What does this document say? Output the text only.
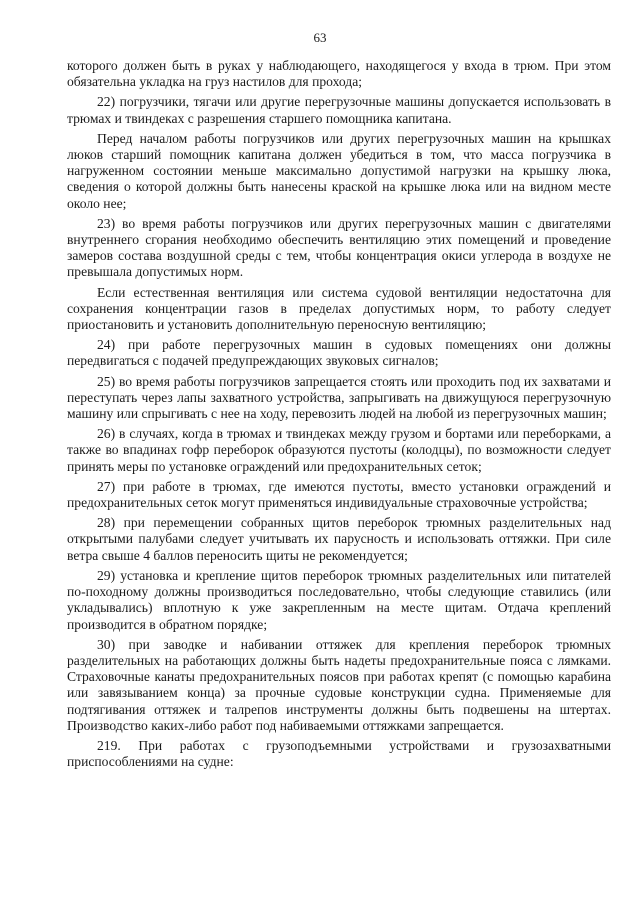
63

которого должен быть в руках у наблюдающего, находящегося у входа в трюм. При этом обязательна укладка на груз настилов для прохода;

22) погрузчики, тягачи или другие перегрузочные машины допускается использовать в трюмах и твиндеках с разрешения старшего помощника капитана.

Перед началом работы погрузчиков или других перегрузочных машин на крышках люков старший помощник капитана должен убедиться в том, что масса погрузчика в нагруженном состоянии меньше максимально допустимой нагрузки на крышку люка, сведения о которой должны быть нанесены краской на крышке люка или на видном месте около нее;

23) во время работы погрузчиков или других перегрузочных машин с двигателями внутреннего сгорания необходимо обеспечить вентиляцию этих помещений и проведение замеров состава воздушной среды с тем, чтобы концентрация окиси углерода в воздухе не превышала допустимых норм.

Если естественная вентиляция или система судовой вентиляции недостаточна для сохранения концентрации газов в пределах допустимых норм, то работу следует приостановить и установить дополнительную переносную вентиляцию;

24) при работе перегрузочных машин в судовых помещениях они должны передвигаться с подачей предупреждающих звуковых сигналов;

25) во время работы погрузчиков запрещается стоять или проходить под их захватами и переступать через лапы захватного устройства, запрыгивать на движущуюся перегрузочную машину или спрыгивать с нее на ходу, перевозить людей на любой из перегрузочных машин;

26) в случаях, когда в трюмах и твиндеках между грузом и бортами или переборками, а также во впадинах гофр переборок образуются пустоты (колодцы), по возможности следует принять меры по установке ограждений или предохранительных сеток;

27) при работе в трюмах, где имеются пустоты, вместо установки ограждений и предохранительных сеток могут применяться индивидуальные страховочные устройства;

28) при перемещении собранных щитов переборок трюмных разделительных над открытыми палубами следует учитывать их парусность и использовать оттяжки. При силе ветра свыше 4 баллов переносить щиты не рекомендуется;

29) установка и крепление щитов переборок трюмных разделительных или питателей по-походному должны производиться последовательно, чтобы следующие ставились (или укладывались) вплотную к уже закрепленным на месте щитам. Отдача креплений производится в обратном порядке;

30) при заводке и набивании оттяжек для крепления переборок трюмных разделительных на работающих должны быть надеты предохранительные пояса с лямками. Страховочные канаты предохранительных поясов при работах крепят (с помощью карабина или завязыванием конца) за прочные судовые конструкции судна. Применяемые для подтягивания оттяжек и талрепов инструменты должны быть подвешены на штертах. Производство каких-либо работ под набиваемыми оттяжками запрещается.

219. При работах с грузоподъемными устройствами и грузозахватными приспособлениями на судне:
